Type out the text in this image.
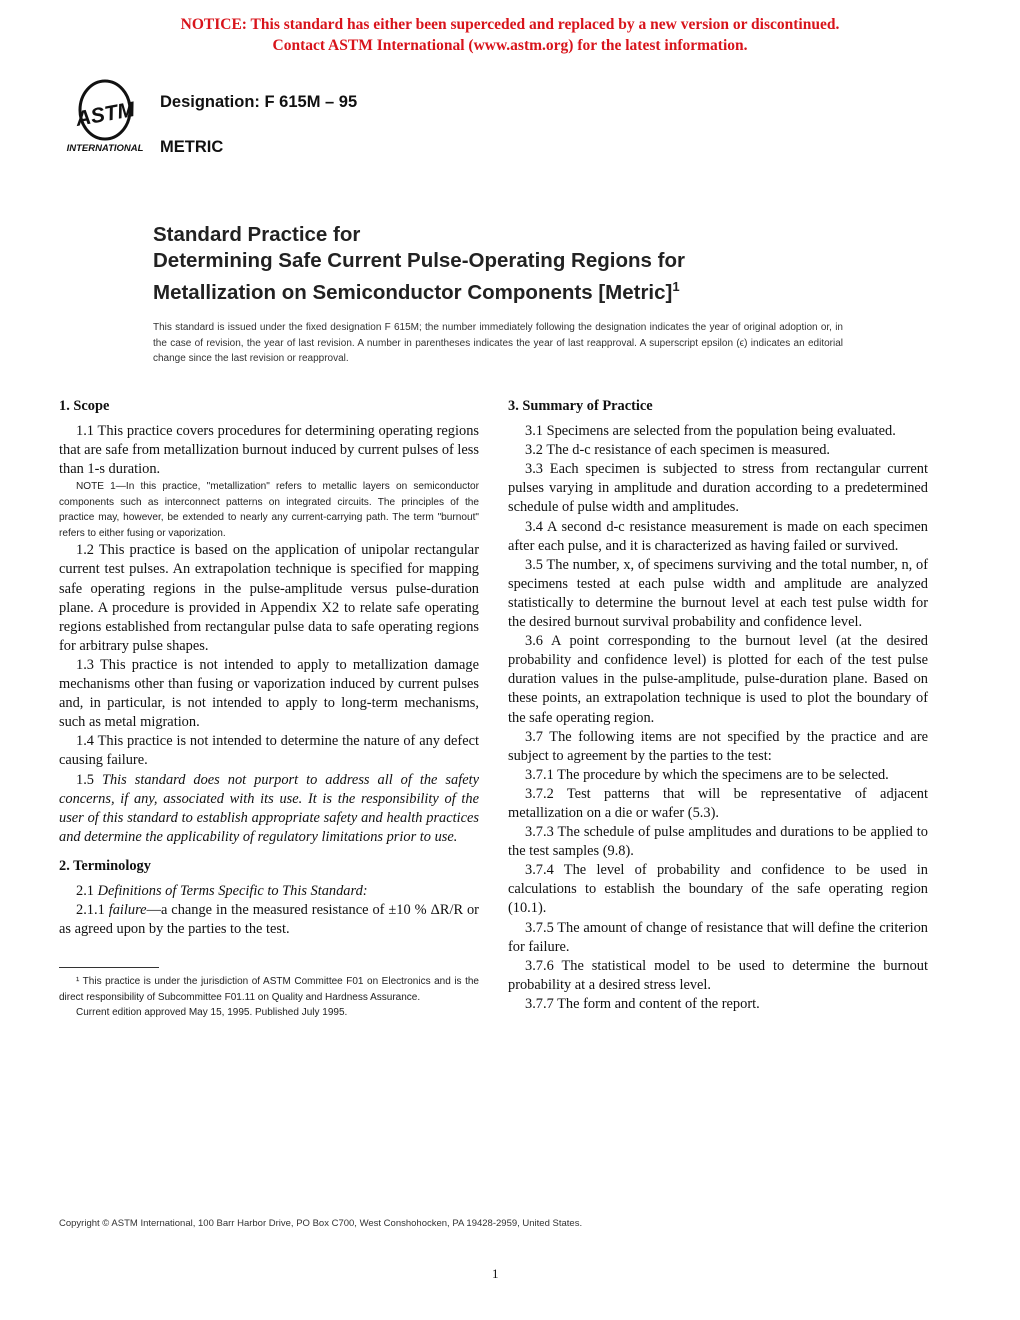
NOTICE: This standard has either been superceded and replaced by a new version or discontinued.
Contact ASTM International (www.astm.org) for the latest information.
ASTM
INTERNATIONAL
Designation: F 615M – 95
METRIC
Standard Practice for
Determining Safe Current Pulse-Operating Regions for
Metallization on Semiconductor Components [Metric]$^1$
This standard is issued under the fixed designation F 615M; the number immediately following the designation indicates the year of original adoption or, in the case of revision, the year of last revision. A number in parentheses indicates the year of last reapproval. A superscript epsilon (ϵ) indicates an editorial change since the last revision or reapproval.
1. Scope

1.1 This practice covers procedures for determining operating regions that are safe from metallization burnout induced by current pulses of less than 1-s duration.

NOTE 1—In this practice, "metallization" refers to metallic layers on semiconductor components such as interconnect patterns on integrated circuits. The principles of the practice may, however, be extended to nearly any current-carrying path. The term "burnout" refers to either fusing or vaporization.

1.2 This practice is based on the application of unipolar rectangular current test pulses. An extrapolation technique is specified for mapping safe operating regions in the pulse-amplitude versus pulse-duration plane. A procedure is provided in Appendix X2 to relate safe operating regions established from rectangular pulse data to safe operating regions for arbitrary pulse shapes.

1.3 This practice is not intended to apply to metallization damage mechanisms other than fusing or vaporization induced by current pulses and, in particular, is not intended to apply to long-term mechanisms, such as metal migration.

1.4 This practice is not intended to determine the nature of any defect causing failure.

1.5 This standard does not purport to address all of the safety concerns, if any, associated with its use. It is the responsibility of the user of this standard to establish appropriate safety and health practices and determine the applicability of regulatory limitations prior to use.

2. Terminology

2.1 Definitions of Terms Specific to This Standard:

2.1.1 failure—a change in the measured resistance of ±10 % ΔR/R or as agreed upon by the parties to the test.

¹ This practice is under the jurisdiction of ASTM Committee F01 on Electronics and is the direct responsibility of Subcommittee F01.11 on Quality and Hardness Assurance.

Current edition approved May 15, 1995. Published July 1995.

3. Summary of Practice

3.1 Specimens are selected from the population being evaluated.

3.2 The d-c resistance of each specimen is measured.

3.3 Each specimen is subjected to stress from rectangular current pulses varying in amplitude and duration according to a predetermined schedule of pulse width and amplitudes.

3.4 A second d-c resistance measurement is made on each specimen after each pulse, and it is characterized as having failed or survived.

3.5 The number, x, of specimens surviving and the total number, n, of specimens tested at each pulse width and amplitude are analyzed statistically to determine the burnout level at each test pulse width for the desired burnout survival probability and confidence level.

3.6 A point corresponding to the burnout level (at the desired probability and confidence level) is plotted for each of the test pulse duration values in the pulse-amplitude, pulse-duration plane. Based on these points, an extrapolation technique is used to plot the boundary of the safe operating region.

3.7 The following items are not specified by the practice and are subject to agreement by the parties to the test:

3.7.1 The procedure by which the specimens are to be selected.

3.7.2 Test patterns that will be representative of adjacent metallization on a die or wafer (5.3).

3.7.3 The schedule of pulse amplitudes and durations to be applied to the test samples (9.8).

3.7.4 The level of probability and confidence to be used in calculations to establish the boundary of the safe operating region (10.1).

3.7.5 The amount of change of resistance that will define the criterion for failure.

3.7.6 The statistical model to be used to determine the burnout probability at a desired stress level.

3.7.7 The form and content of the report.

Copyright © ASTM International, 100 Barr Harbor Drive, PO Box C700, West Conshohocken, PA 19428-2959, United States.
1
